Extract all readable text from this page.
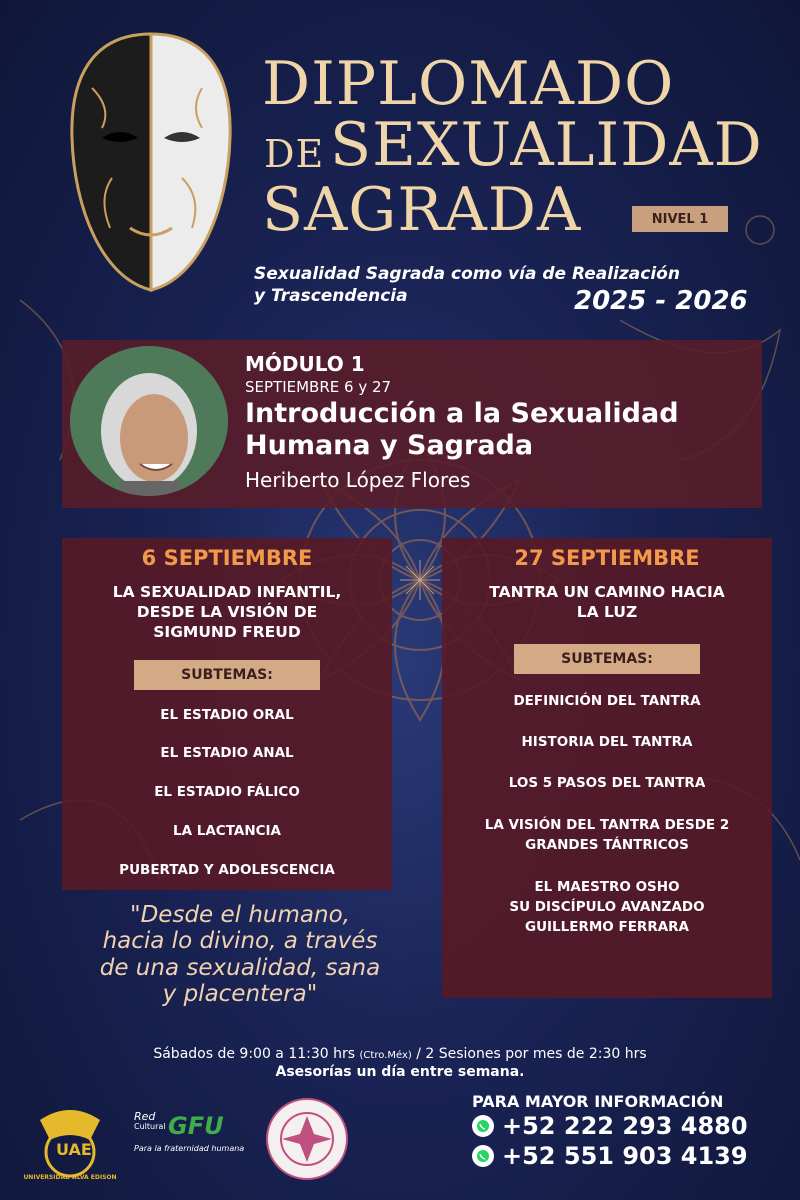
DIPLOMADO
DE SEXUALIDAD
SAGRADA	NIVEL 1
Sexualidad Sagrada como vía de Realización
y Trascendencia	2025 - 2026
MÓDULO 1
SEPTIEMBRE 6 y 27
Introducción a la Sexualidad
Humana y Sagrada
Heriberto López Flores
6 SEPTIEMBRE
LA SEXUALIDAD INFANTIL,
DESDE LA VISIÓN DE
SIGMUND FREUD
SUBTEMAS:
EL ESTADIO ORAL
EL ESTADIO ANAL
EL ESTADIO FÁLICO
LA LACTANCIA
PUBERTAD Y ADOLESCENCIA
27 SEPTIEMBRE
TANTRA UN CAMINO HACIA
LA LUZ
SUBTEMAS:
DEFINICIÓN DEL TANTRA
HISTORIA DEL TANTRA
LOS 5 PASOS DEL TANTRA
LA VISIÓN DEL TANTRA DESDE 2
GRANDES TÁNTRICOS
EL MAESTRO OSHO
SU DISCÍPULO AVANZADO
GUILLERMO FERRARA
"Desde el humano,
hacia lo divino, a través
de una sexualidad, sana
y placentera"
Sábados de 9:00 a 11:30 hrs (Ctro.Méx) / 2 Sesiones por mes de 2:30 hrs
Asesorías un día entre semana.
UAE
UNIVERSIDAD ALVA EDISON
Red
Cultural GFU
Para la fraternidad humana
PARA MAYOR INFORMACIÓN
+52 222 293 4880
+52 551 903 4139
